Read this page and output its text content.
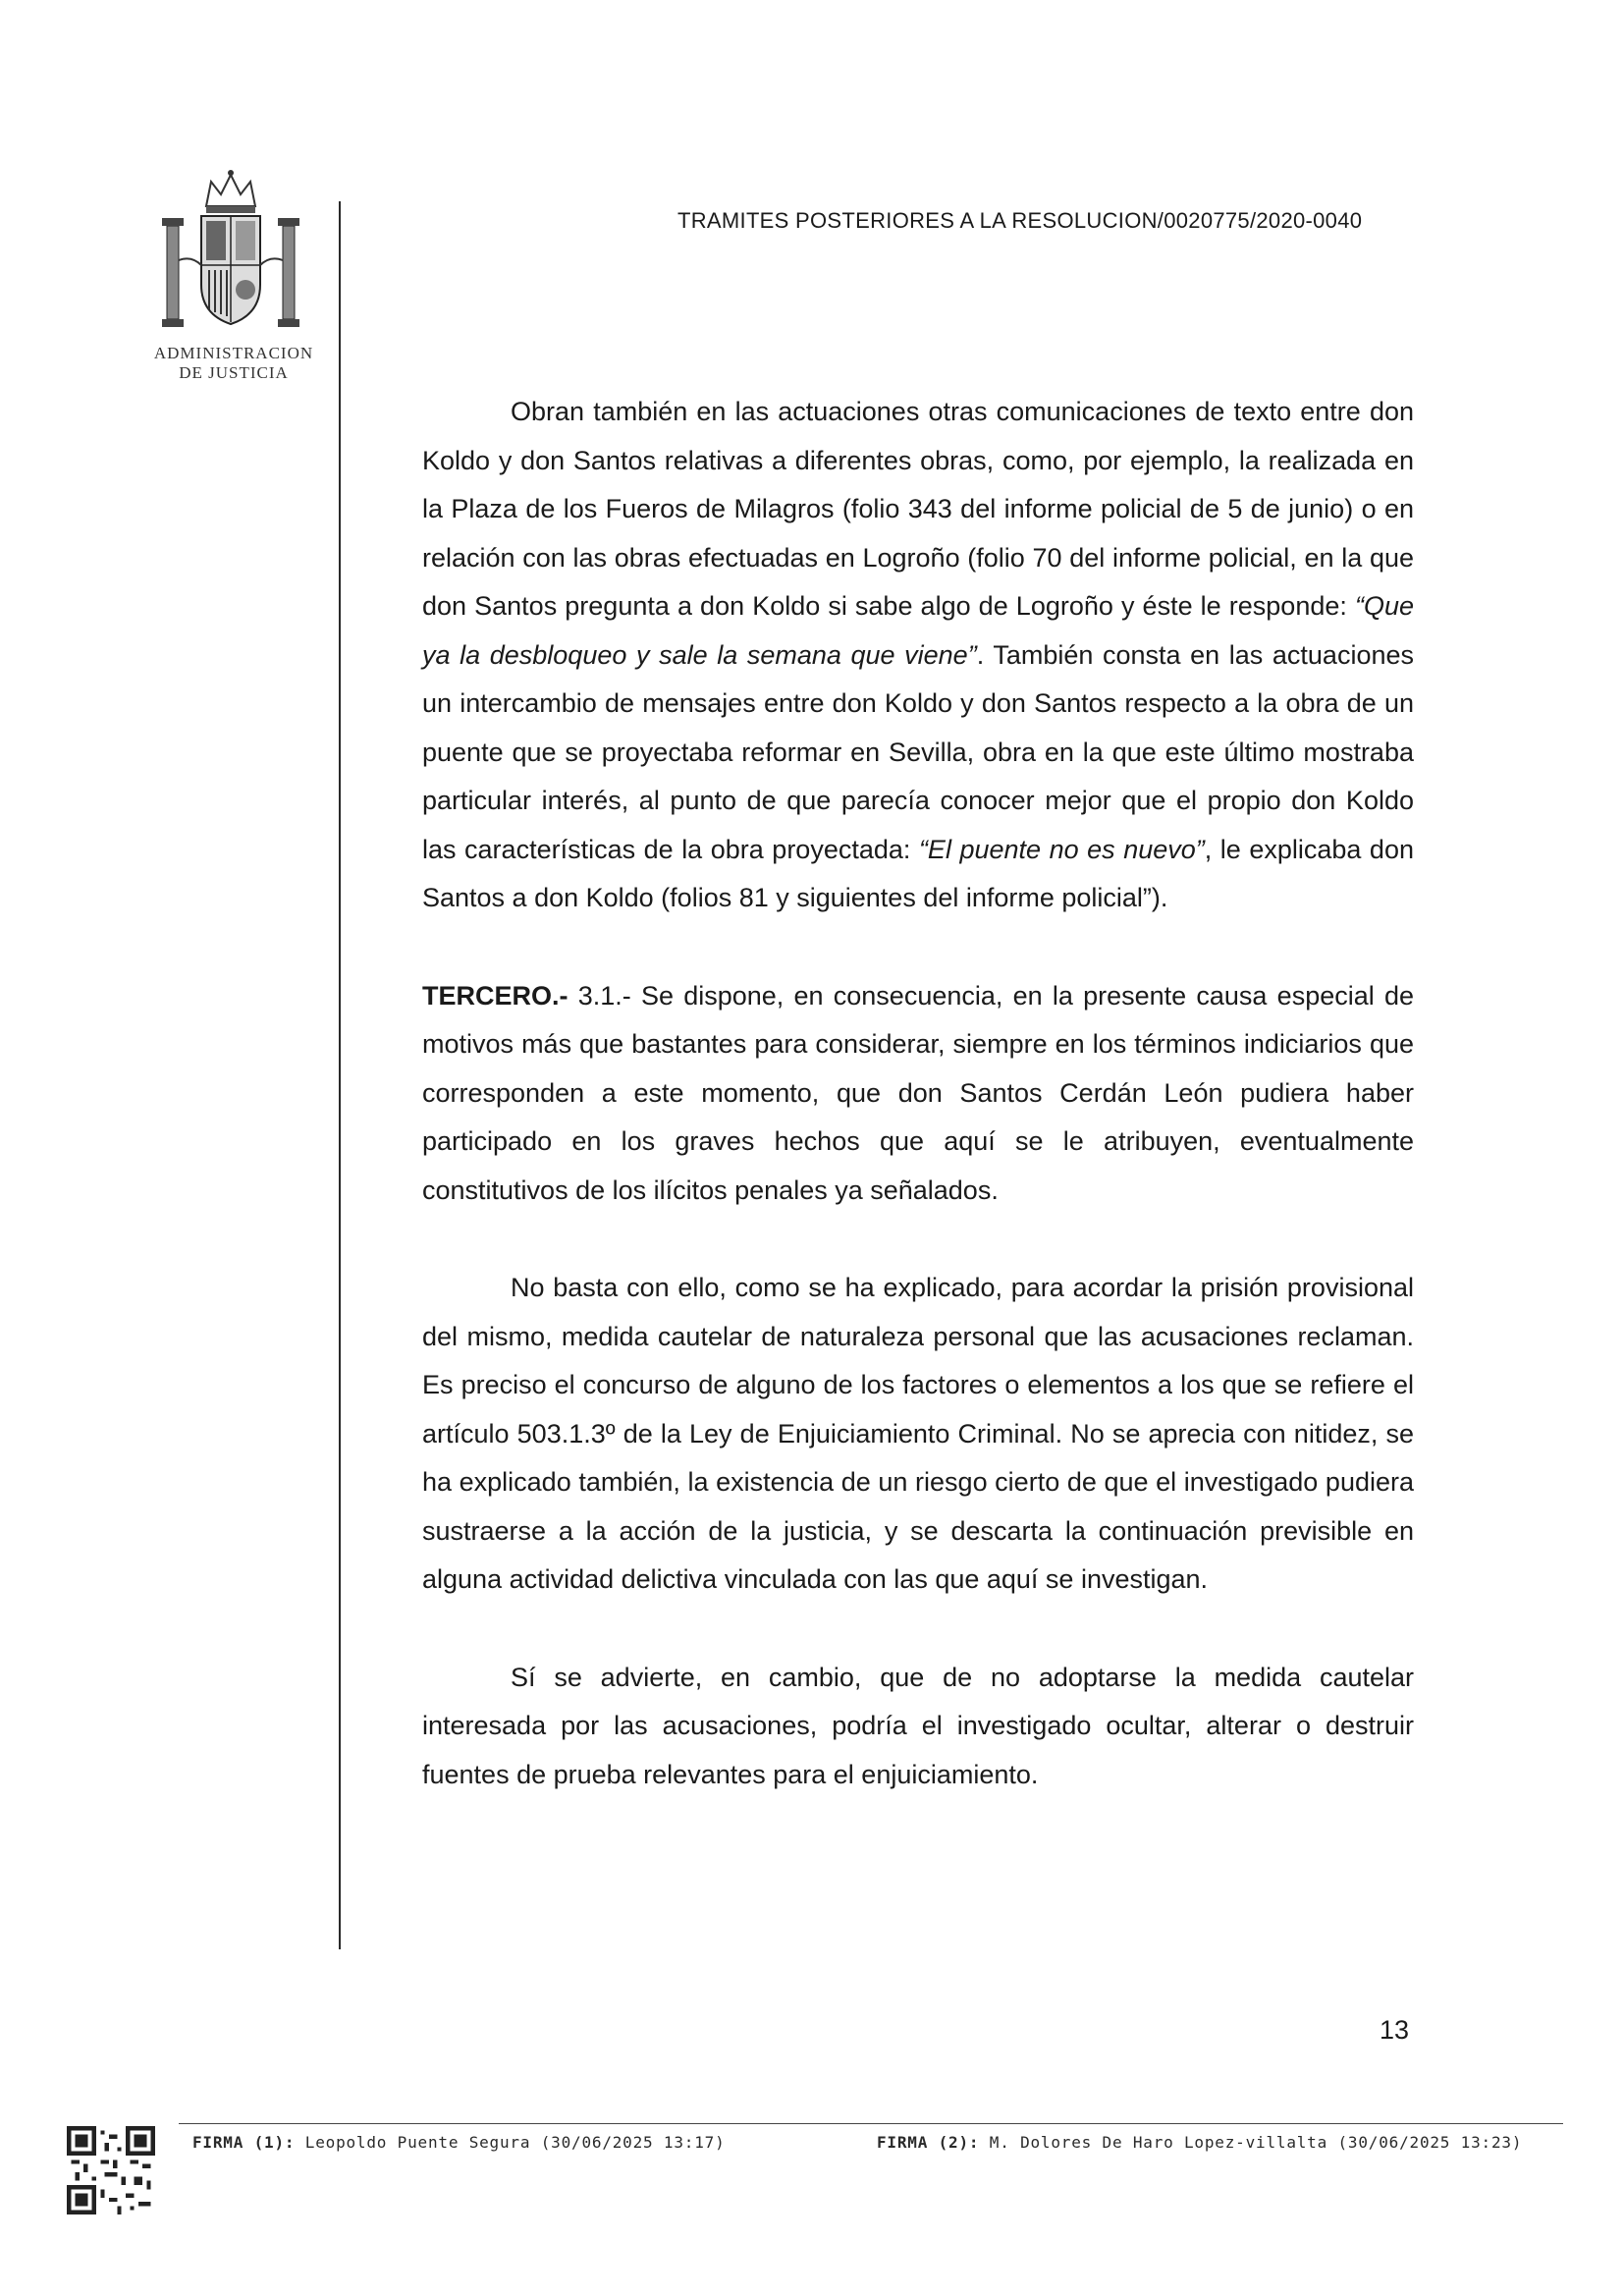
ADMINISTRACION
DE JUSTICIA
TRAMITES POSTERIORES A LA RESOLUCION/0020775/2020-0040

Obran también en las actuaciones otras comunicaciones de texto entre don Koldo y don Santos relativas a diferentes obras, como, por ejemplo, la realizada en la Plaza de los Fueros de Milagros (folio 343 del informe policial de 5 de junio) o en relación con las obras efectuadas en Logroño (folio 70 del informe policial, en la que don Santos pregunta a don Koldo si sabe algo de Logroño y éste le responde: “Que ya la desbloqueo y sale la semana que viene”. También consta en las actuaciones un intercambio de mensajes entre don Koldo y don Santos respecto a la obra de un puente que se proyectaba reformar en Sevilla, obra en la que este último mostraba particular interés, al punto de que parecía conocer mejor que el propio don Koldo las características de la obra proyectada: “El puente no es nuevo”, le explicaba don Santos a don Koldo (folios 81 y siguientes del informe policial”).

TERCERO.- 3.1.- Se dispone, en consecuencia, en la presente causa especial de motivos más que bastantes para considerar, siempre en los términos indiciarios que corresponden a este momento, que don Santos Cerdán León pudiera haber participado en los graves hechos que aquí se le atribuyen, eventualmente constitutivos de los ilícitos penales ya señalados.

No basta con ello, como se ha explicado, para acordar la prisión provisional del mismo, medida cautelar de naturaleza personal que las acusaciones reclaman. Es preciso el concurso de alguno de los factores o elementos a los que se refiere el artículo 503.1.3º de la Ley de Enjuiciamiento Criminal. No se aprecia con nitidez, se ha explicado también, la existencia de un riesgo cierto de que el investigado pudiera sustraerse a la acción de la justicia, y se descarta la continuación previsible en alguna actividad delictiva vinculada con las que aquí se investigan.

Sí se advierte, en cambio, que de no adoptarse la medida cautelar interesada por las acusaciones, podría el investigado ocultar, alterar o destruir fuentes de prueba relevantes para el enjuiciamiento.

13
FIRMA (1): Leopoldo Puente Segura (30/06/2025 13:17)	FIRMA (2): M. Dolores De Haro Lopez-villalta (30/06/2025 13:23)
